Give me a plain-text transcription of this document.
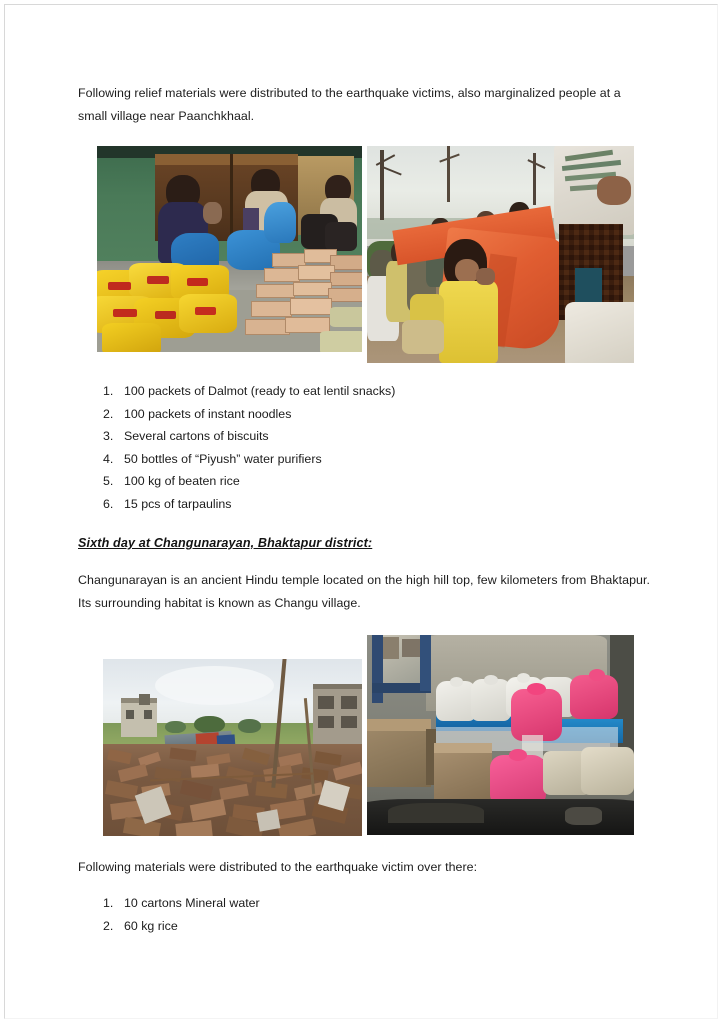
Following relief materials were distributed to the earthquake victims, also marginalized people at a small village near Paanchkhaal.

1. 100 packets of Dalmot (ready to eat lentil snacks)
2. 100 packets of instant noodles
3. Several cartons of biscuits
4. 50 bottles of “Piyush” water purifiers
5. 100 kg of beaten rice
6. 15 pcs of tarpaulins
Sixth day at Changunarayan, Bhaktapur district:

Changunarayan is an ancient Hindu temple located on the high hill top, few kilometers from Bhaktapur. Its surrounding habitat is known as Changu village.

Following materials were distributed to the earthquake victim over there:

1. 10 cartons Mineral water
2. 60 kg rice
